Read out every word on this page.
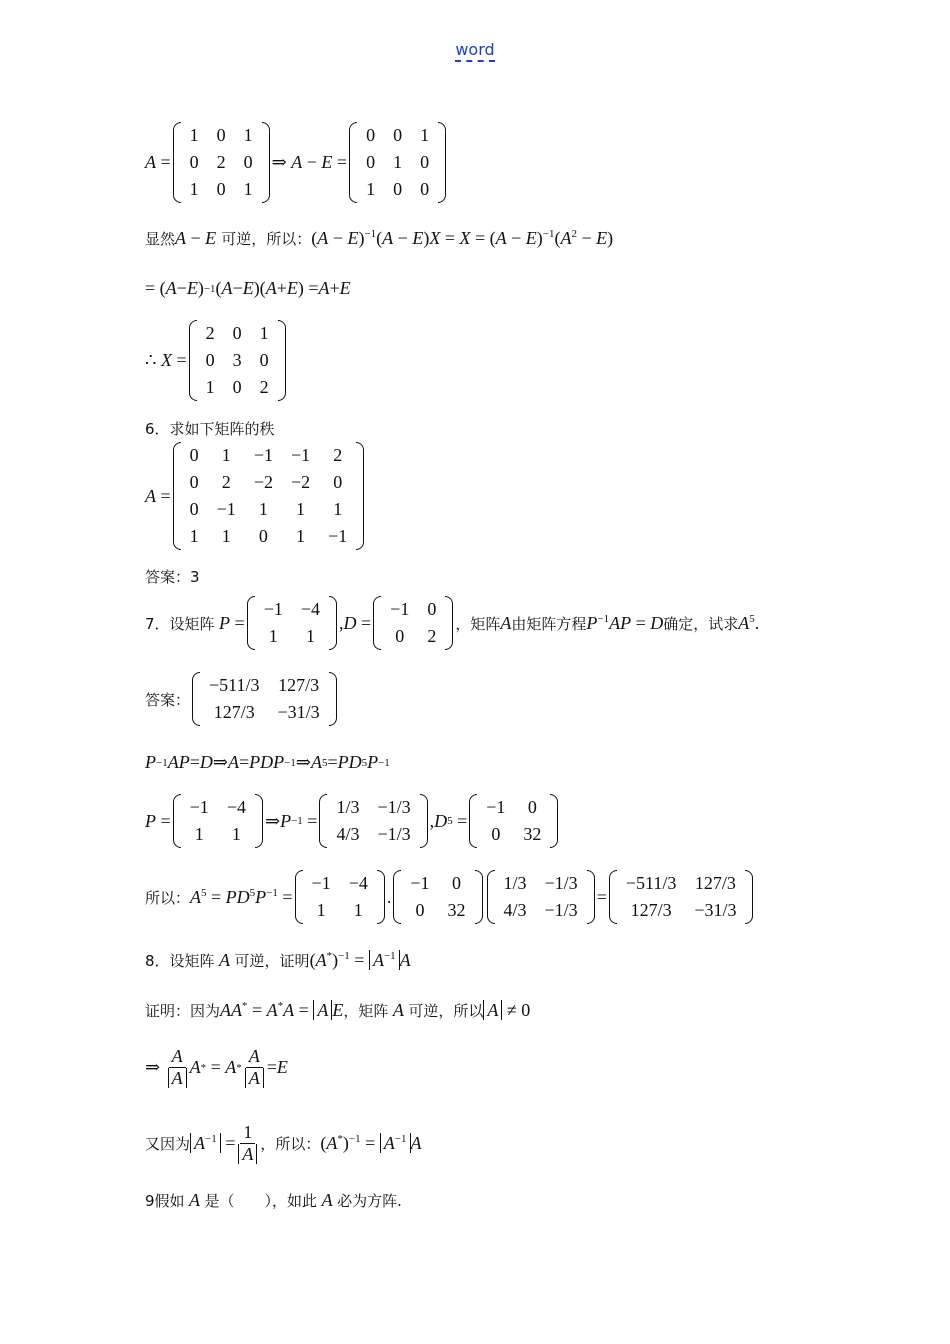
word
A =
1	0	1
0	2	0
1	0	1
⇒ A − E =
0	0	1
0	1	0
1	0	0
显然 A − E
可逆，所以： $(A - E)^{-1}(A - E)X = X = (A - E)^{-1}(A^2 - E)$
= ( A − E ) −1 ( A − E )( A + E ) = A + E
∴ X =
2	0	1
0	3	0
1	0	2
6．求如下矩阵的秩
A =
0	1	−1	−1	2
0	2	−2	−2	0
0	−1	1	1	1
1	1	0	1	−1
答案： 3
7．设矩阵 P =
−1	−4
1	1
,D =
−1	0
0	2
，矩阵 A 由矩阵方程 $P^{-1}AP = D$ 确定，试求 $A^5$.
答案：
−511/3	127/3
127/3	−31/3
P −1 AP = D ⇒ A = PDP −1 ⇒ A 5 = PD 5 P −1
P =
−1	−4
1	1
⇒ P −1 =
1/3	−1/3
4/3	−1/3
, D 5 =
−1	0
0	32
所以： $A^5 = PD^5P^{-1}$ =
−1	−4
1	1
.
−1	0
0	32
1/3	−1/3
4/3	−1/3
=
−511/3	127/3
127/3	−31/3
8．设矩阵 A 可逆，证明 $(A^*)^{-1} = A^{-1}$ A
证明：因为 AA* = A*A = A E ，矩阵 A 可逆，所以 A ≠ 0
⇒ $\frac{A}{A}$ A * = $A * \frac{A}{A} = E$
又因为 $A^{-1} = \frac{1}{A}$ ，所以： $(A^*)^{-1} = A^{-1}$ A
9假如 A 是（　　），如此 A 必为方阵.
